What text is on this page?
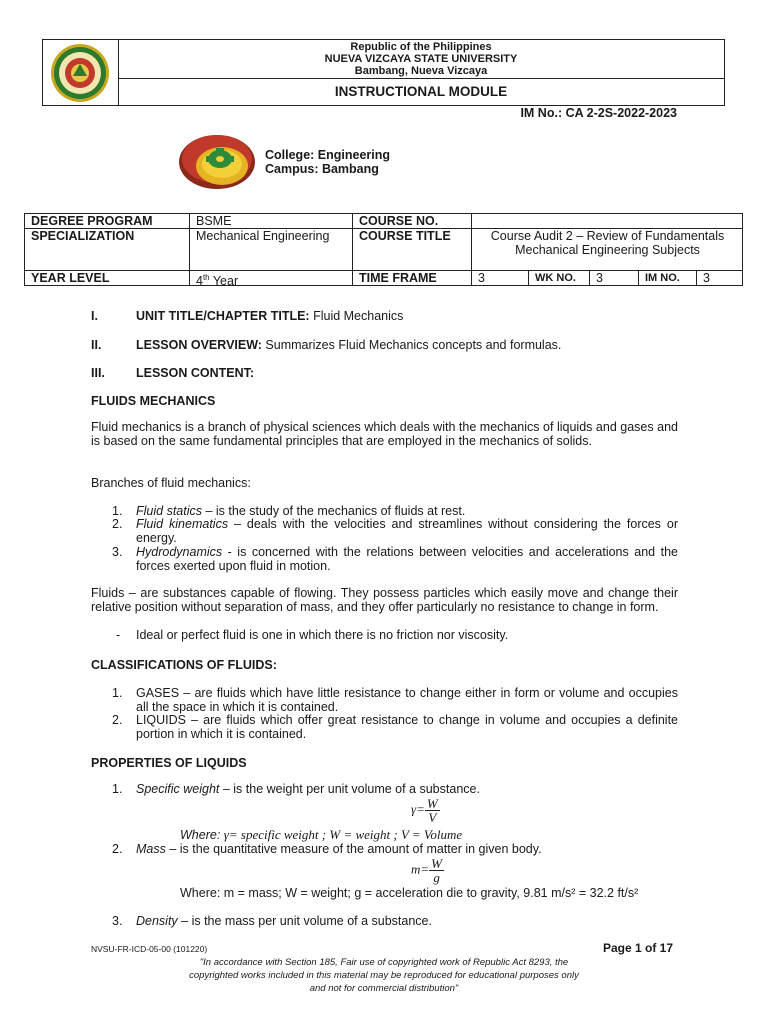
Republic of the Philippines
NUEVA VIZCAYA STATE UNIVERSITY
Bambang, Nueva Vizcaya
INSTRUCTIONAL MODULE
IM No.: CA 2-2S-2022-2023
College: Engineering
Campus: Bambang
DEGREE PROGRAM	BSME	COURSE NO.
SPECIALIZATION	Mechanical Engineering	COURSE TITLE	Course Audit 2 – Review of Fundamentals Mechanical Engineering Subjects
YEAR LEVEL	4th Year	TIME FRAME	3	WK NO.	3	IM NO.	3
I.	UNIT TITLE/CHAPTER TITLE: Fluid Mechanics
II.	LESSON OVERVIEW: Summarizes Fluid Mechanics concepts and formulas.
III. LESSON CONTENT:
FLUIDS MECHANICS
Fluid mechanics is a branch of physical sciences which deals with the mechanics of liquids and gases and is based on the same fundamental principles that are employed in the mechanics of solids.
Branches of fluid mechanics:
1. Fluid statics – is the study of the mechanics of fluids at rest.
2. Fluid kinematics – deals with the velocities and streamlines without considering the forces or energy.
3. Hydrodynamics - is concerned with the relations between velocities and accelerations and the forces exerted upon fluid in motion.
Fluids – are substances capable of flowing. They possess particles which easily move and change their relative position without separation of mass, and they offer particularly no resistance to change in form.
- Ideal or perfect fluid is one in which there is no friction nor viscosity.
CLASSIFICATIONS OF FLUIDS:
1. GASES – are fluids which have little resistance to change either in form or volume and occupies all the space in which it is contained.
2. LIQUIDS – are fluids which offer great resistance to change in volume and occupies a definite portion in which it is contained.
PROPERTIES OF LIQUIDS
1. Specific weight – is the weight per unit volume of a substance.
$\gamma= \frac{W}{V}$
Where: γ= specific weight ; W = weight ; V = Volume
2. Mass – is the quantitative measure of the amount of matter in given body.
$m= \frac{W}{g}$
Where: m = mass; W = weight; g = acceleration die to gravity, 9.81 m/s² = 32.2 ft/s²
3. Density – is the mass per unit volume of a substance.
NVSU-FR-ICD-05-00 (101220)	Page 1 of 17
"In accordance with Section 185, Fair use of copyrighted work of Republic Act 8293, the copyrighted works included in this material may be reproduced for educational purposes only and not for commercial distribution"
